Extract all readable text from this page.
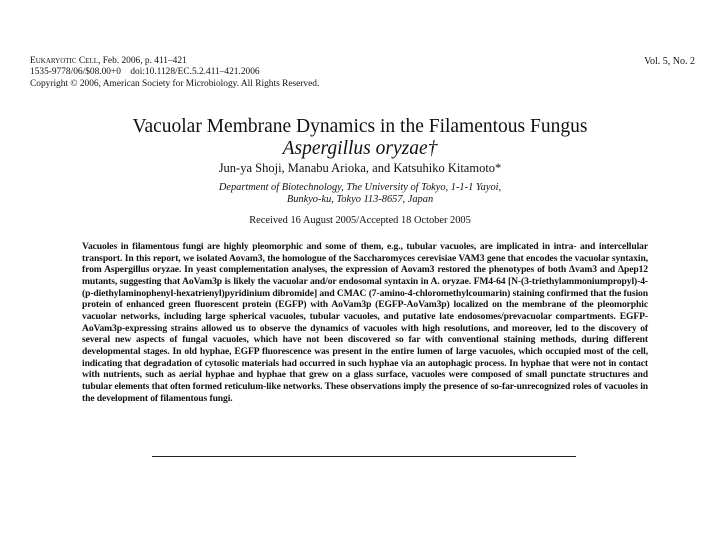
Eukaryotic Cell, Feb. 2006, p. 411–421
1535-9778/06/$08.00+0    doi:10.1128/EC.5.2.411–421.2006
Copyright © 2006, American Society for Microbiology. All Rights Reserved.
Vol. 5, No. 2
Vacuolar Membrane Dynamics in the Filamentous Fungus
Aspergillus oryzae†
Jun-ya Shoji, Manabu Arioka, and Katsuhiko Kitamoto*
Department of Biotechnology, The University of Tokyo, 1-1-1 Yayoi,
Bunkyo-ku, Tokyo 113-8657, Japan
Received 16 August 2005/Accepted 18 October 2005

Vacuoles in filamentous fungi are highly pleomorphic and some of them, e.g., tubular vacuoles, are implicated in intra- and intercellular transport. In this report, we isolated Aovam3, the homologue of the Saccharomyces cerevisiae VAM3 gene that encodes the vacuolar syntaxin, from Aspergillus oryzae. In yeast complementation analyses, the expression of Aovam3 restored the phenotypes of both Δvam3 and Δpep12 mutants, suggesting that AoVam3p is likely the vacuolar and/or endosomal syntaxin in A. oryzae. FM4-64 [N-(3-triethylammoniumpropyl)-4-(p-diethylaminophenyl-hexatrienyl)pyridinium dibromide] and CMAC (7-amino-4-chloromethylcoumarin) staining confirmed that the fusion protein of enhanced green fluorescent protein (EGFP) with AoVam3p (EGFP-AoVam3p) localized on the membrane of the pleomorphic vacuolar networks, including large spherical vacuoles, tubular vacuoles, and putative late endosomes/prevacuolar compartments. EGFP-AoVam3p-expressing strains allowed us to observe the dynamics of vacuoles with high resolutions, and moreover, led to the discovery of several new aspects of fungal vacuoles, which have not been discovered so far with conventional staining methods, during different developmental stages. In old hyphae, EGFP fluorescence was present in the entire lumen of large vacuoles, which occupied most of the cell, indicating that degradation of cytosolic materials had occurred in such hyphae via an autophagic process. In hyphae that were not in contact with nutrients, such as aerial hyphae and hyphae that grew on a glass surface, vacuoles were composed of small punctate structures and tubular elements that often formed reticulum-like networks. These observations imply the presence of so-far-unrecognized roles of vacuoles in the development of filamentous fungi.
